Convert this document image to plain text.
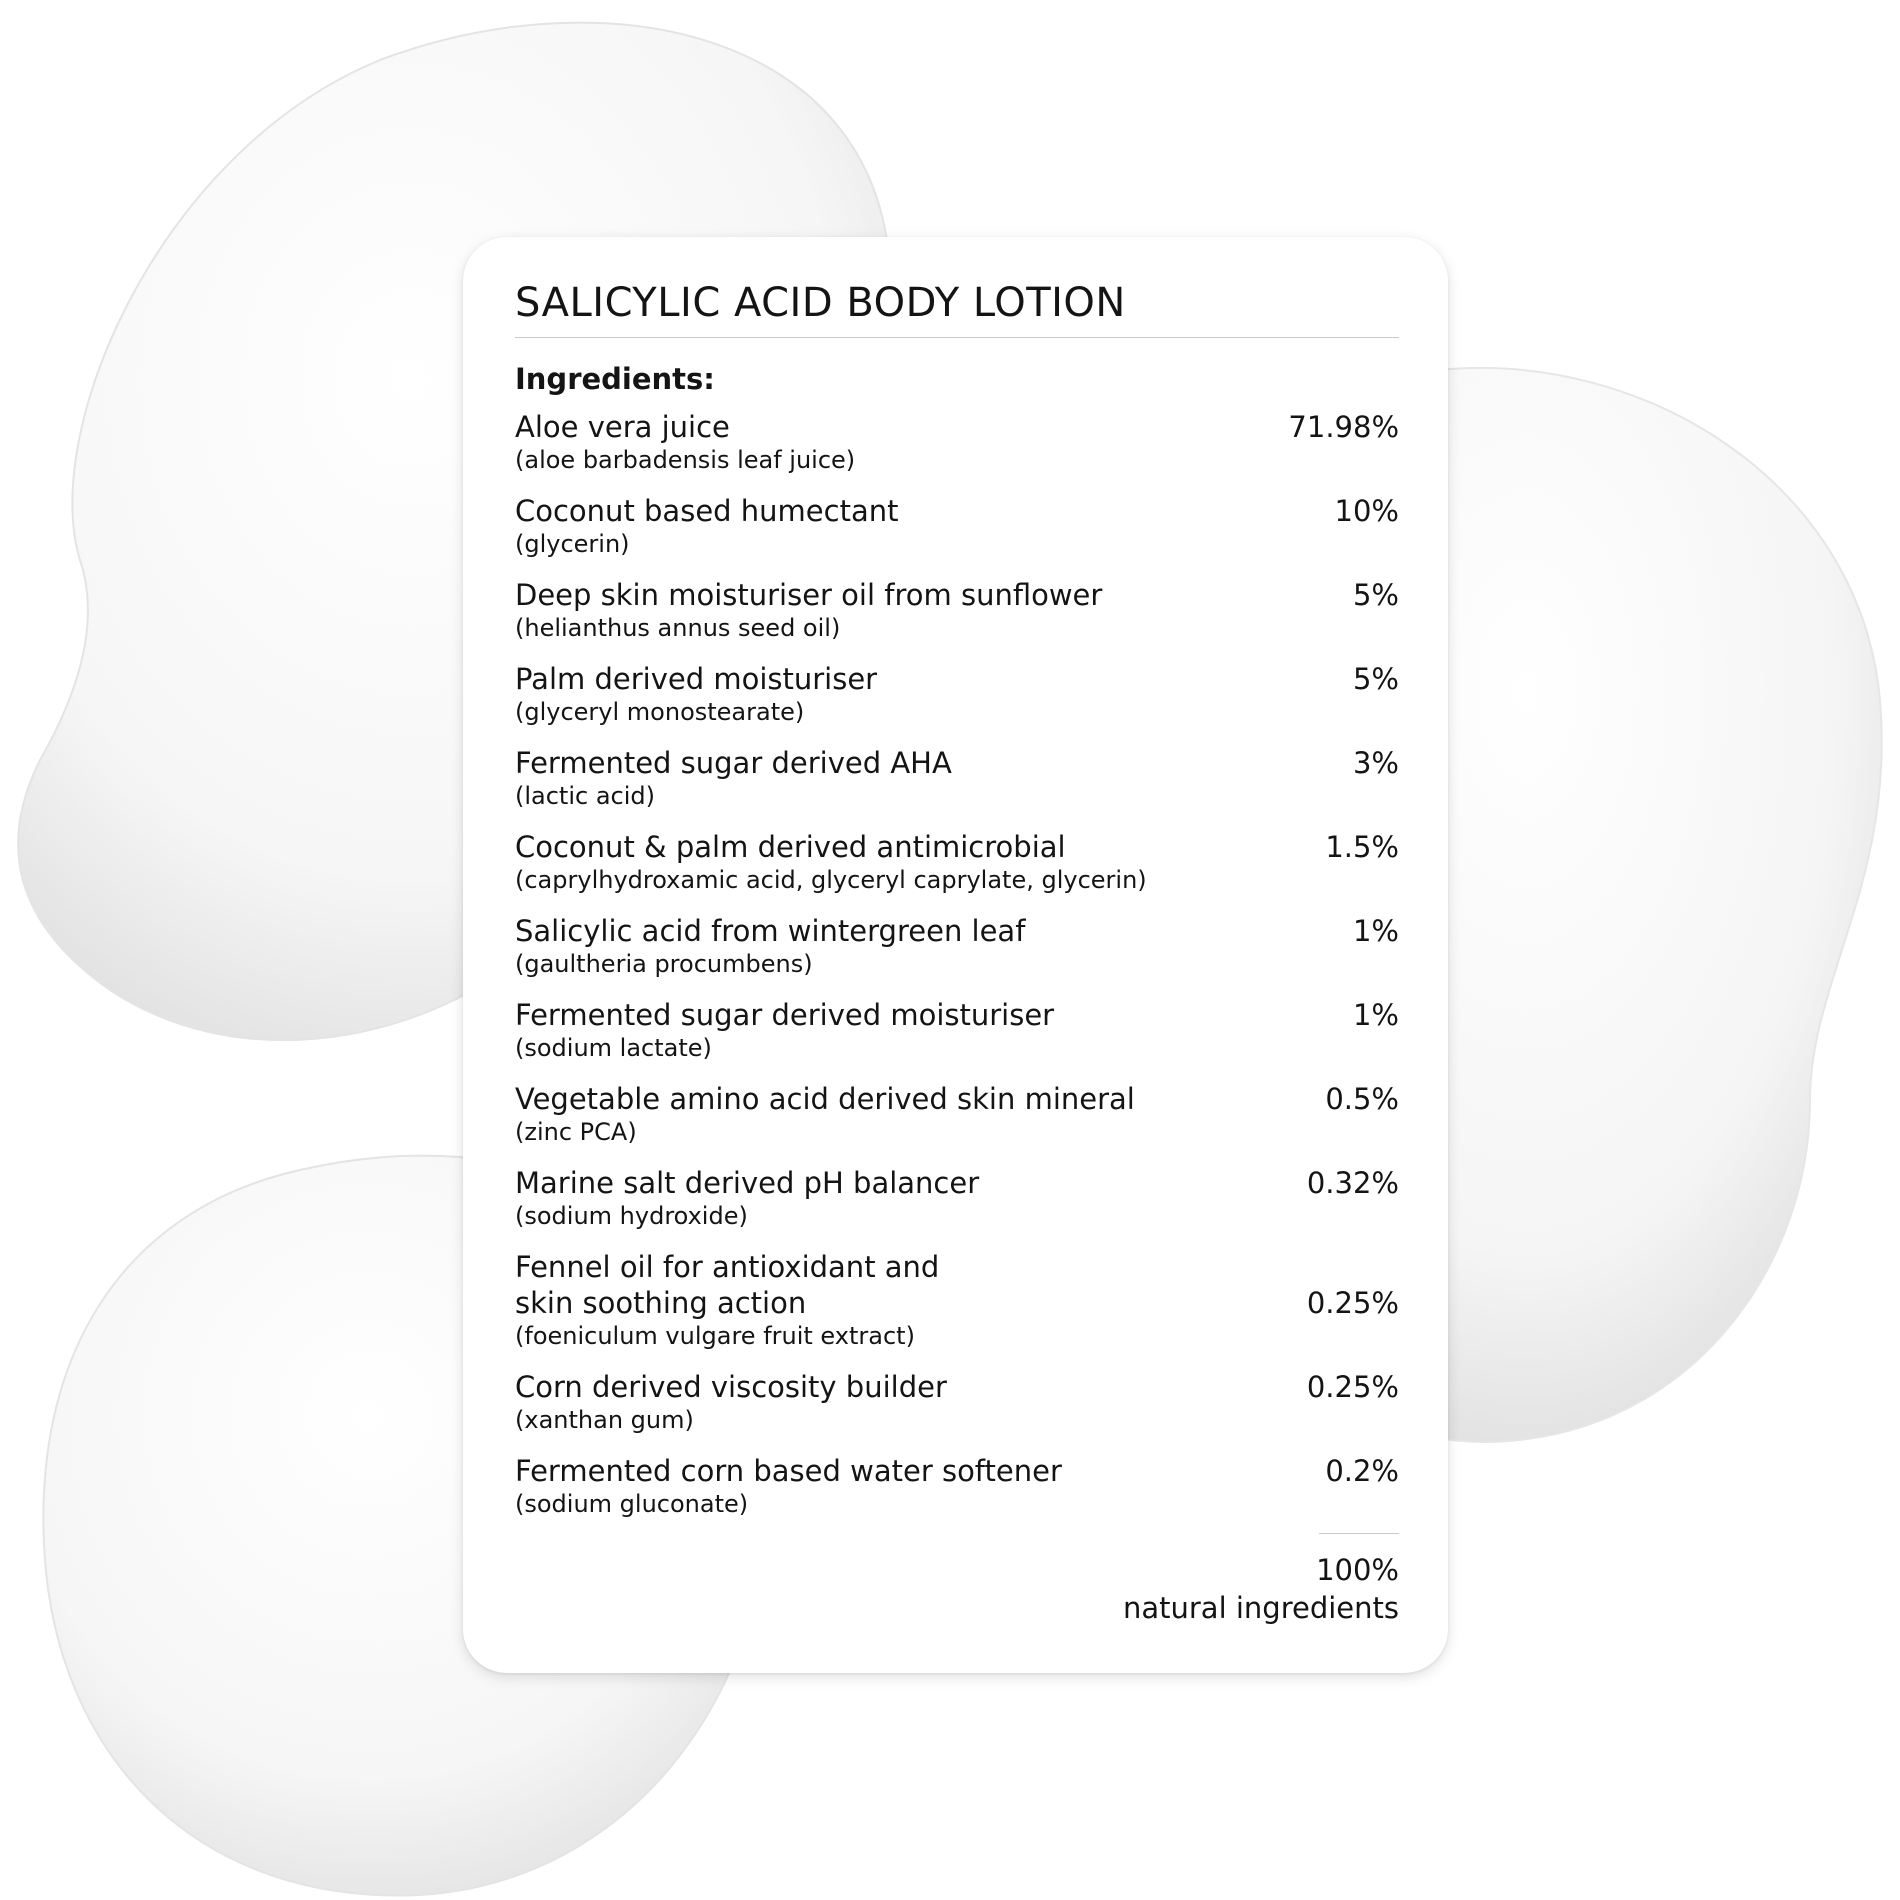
SALICYLIC ACID BODY LOTION
Ingredients:
Aloe vera juice
(aloe barbadensis leaf juice)
71.98%
Coconut based humectant
(glycerin)
10%
Deep skin moisturiser oil from sunflower
(helianthus annus seed oil)
5%
Palm derived moisturiser
(glyceryl monostearate)
5%
Fermented sugar derived AHA
(lactic acid)
3%
Coconut & palm derived antimicrobial
(caprylhydroxamic acid, glyceryl caprylate, glycerin)
1.5%
Salicylic acid from wintergreen leaf
(gaultheria procumbens)
1%
Fermented sugar derived moisturiser
(sodium lactate)
1%
Vegetable amino acid derived skin mineral
(zinc PCA)
0.5%
Marine salt derived pH balancer
(sodium hydroxide)
0.32%
Fennel oil for antioxidant and
skin soothing action
(foeniculum vulgare fruit extract)
0.25%
Corn derived viscosity builder
(xanthan gum)
0.25%
Fermented corn based water softener
(sodium gluconate)
0.2%
100%
natural ingredients
